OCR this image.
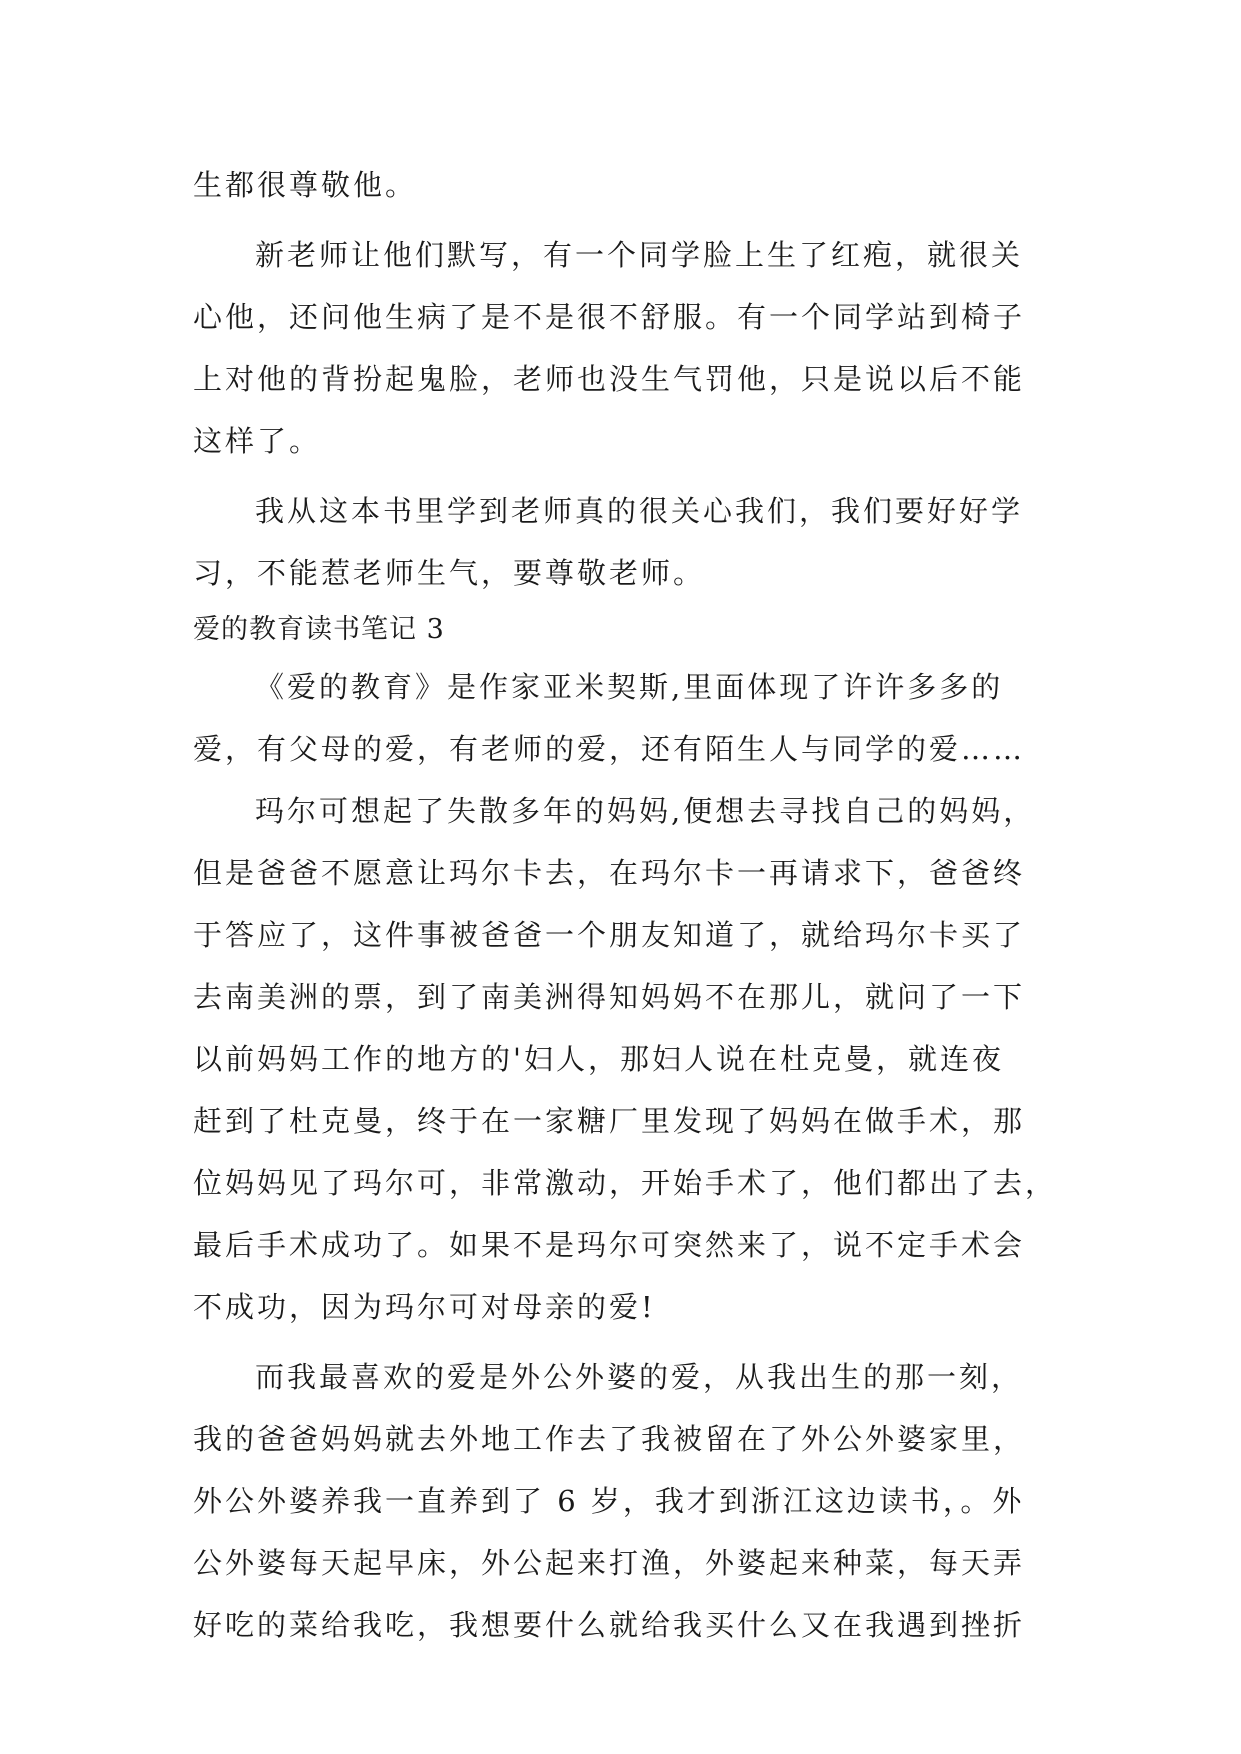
生都很尊敬他。
新老师让他们默写，有一个同学脸上生了红疱，就很关
心他，还问他生病了是不是很不舒服。有一个同学站到椅子
上对他的背扮起鬼脸，老师也没生气罚他，只是说以后不能
这样了。
我从这本书里学到老师真的很关心我们，我们要好好学
习，不能惹老师生气，要尊敬老师。
爱的教育读书笔记 3
《爱的教育》是作家亚米契斯,里面体现了许许多多的
爱，有父母的爱，有老师的爱，还有陌生人与同学的爱……
玛尔可想起了失散多年的妈妈,便想去寻找自己的妈妈，
但是爸爸不愿意让玛尔卡去，在玛尔卡一再请求下，爸爸终
于答应了，这件事被爸爸一个朋友知道了，就给玛尔卡买了
去南美洲的票，到了南美洲得知妈妈不在那儿，就问了一下
以前妈妈工作的地方的'妇人，那妇人说在杜克曼，就连夜
赶到了杜克曼，终于在一家糖厂里发现了妈妈在做手术，那
位妈妈见了玛尔可，非常激动，开始手术了，他们都出了去，
最后手术成功了。如果不是玛尔可突然来了，说不定手术会
不成功，因为玛尔可对母亲的爱!
而我最喜欢的爱是外公外婆的爱，从我出生的那一刻，
我的爸爸妈妈就去外地工作去了我被留在了外公外婆家里，
外公外婆养我一直养到了 6 岁，我才到浙江这边读书，。外
公外婆每天起早床，外公起来打渔，外婆起来种菜，每天弄
好吃的菜给我吃，我想要什么就给我买什么又在我遇到挫折
